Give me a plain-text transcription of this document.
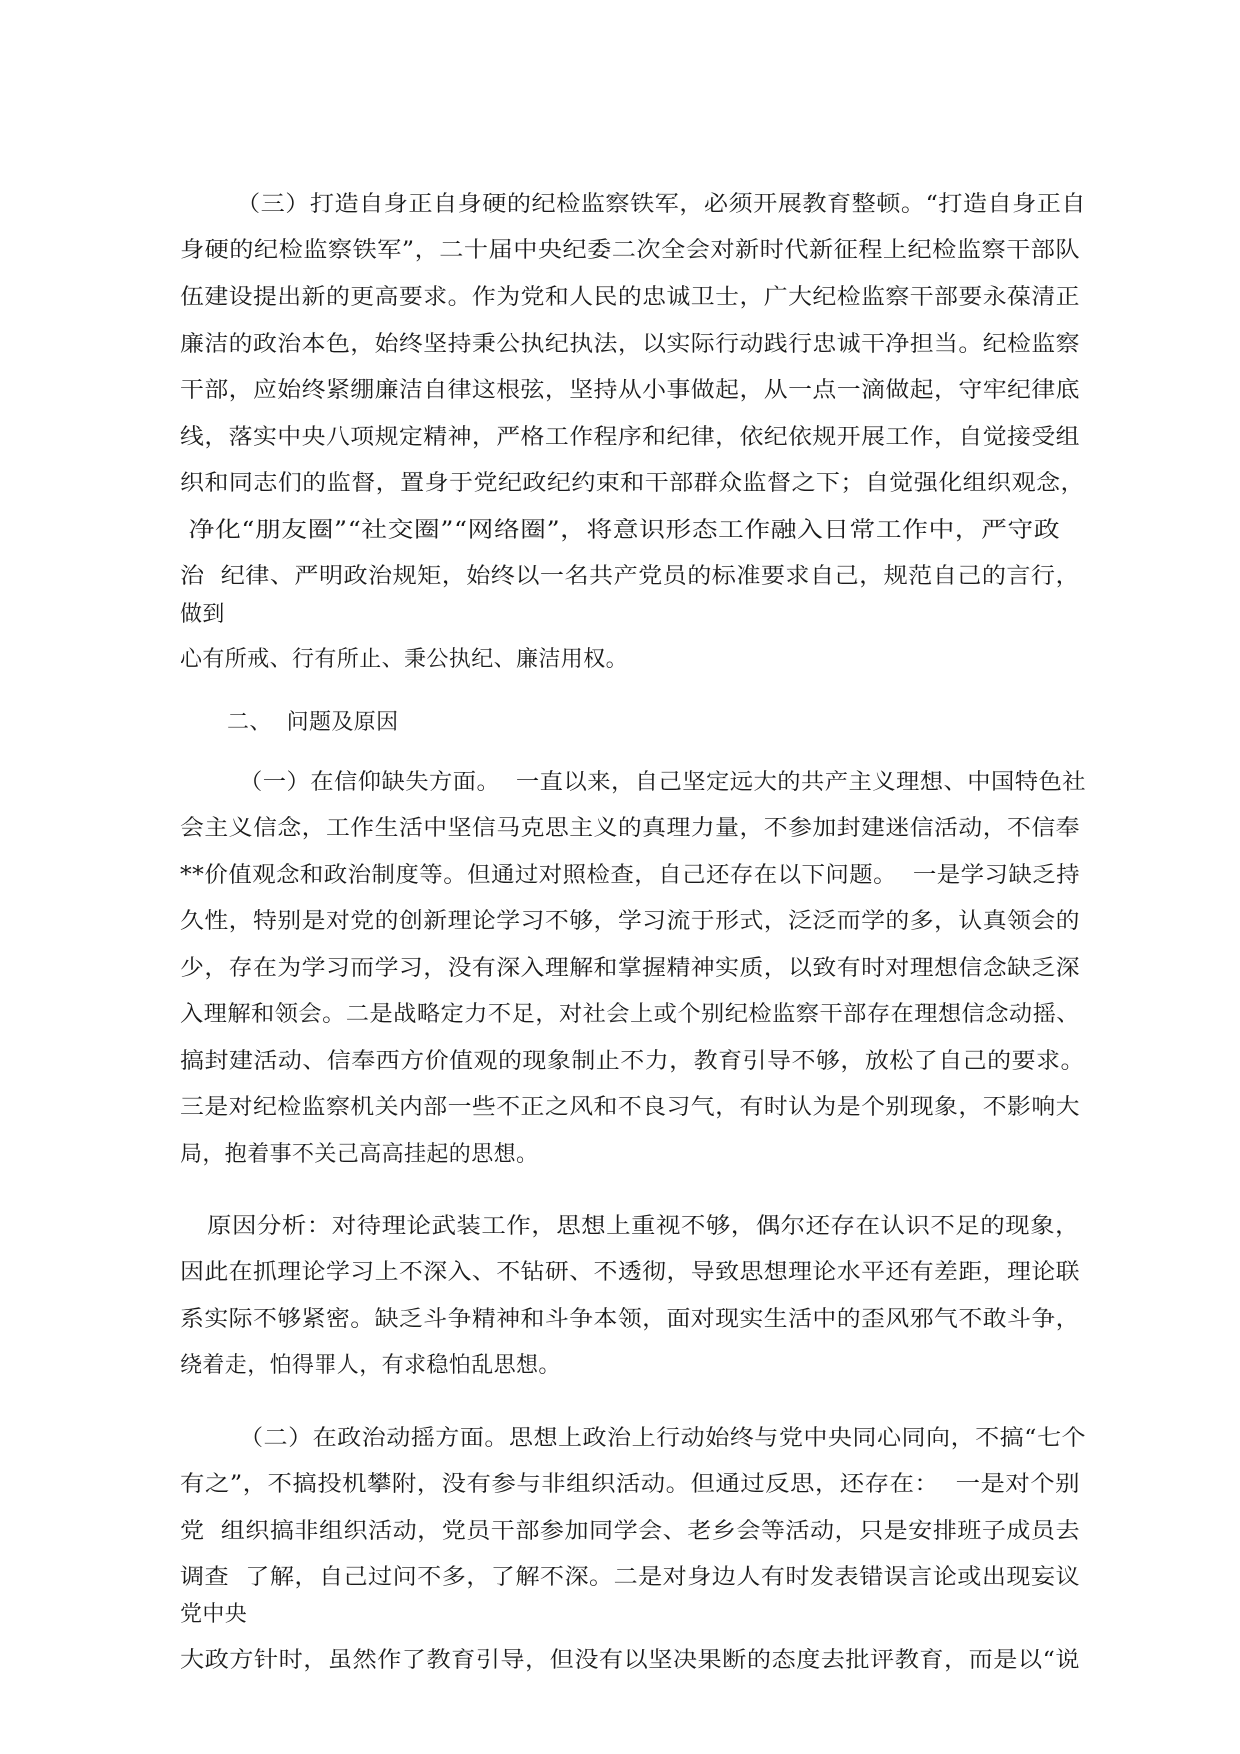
（三）打造自身正自身硬的纪检监察铁军，必须开展教育整顿。“打造自身正自
身硬的纪检监察铁军”，二十届中央纪委二次全会对新时代新征程上纪检监察干部队
伍建设提出新的更高要求。作为党和人民的忠诚卫士，广大纪检监察干部要永葆清正
廉洁的政治本色，始终坚持秉公执纪执法，以实际行动践行忠诚干净担当。纪检监察
干部，应始终紧绷廉洁自律这根弦，坚持从小事做起，从一点一滴做起，守牢纪律底
线，落实中央八项规定精神，严格工作程序和纪律，依纪依规开展工作，自觉接受组
织和同志们的监督，置身于党纪政纪约束和干部群众监督之下；自觉强化组织观念，
净化“朋友圈”“社交圈”“网络圈”，将意识形态工作融入日常工作中，严守政
治  纪律、严明政治规矩，始终以一名共产党员的标准要求自己，规范自己的言行，
做到
心有所戒、行有所止、秉公执纪、廉洁用权。
二、  问题及原因
（一）在信仰缺失方面。  一直以来，自己坚定远大的共产主义理想、中国特色社
会主义信念，工作生活中坚信马克思主义的真理力量，不参加封建迷信活动，不信奉
**价值观念和政治制度等。但通过对照检查，自己还存在以下问题。  一是学习缺乏持
久性，特别是对党的创新理论学习不够，学习流于形式，泛泛而学的多，认真领会的
少，存在为学习而学习，没有深入理解和掌握精神实质，以致有时对理想信念缺乏深
入理解和领会。二是战略定力不足，对社会上或个别纪检监察干部存在理想信念动摇、
搞封建活动、信奉西方价值观的现象制止不力，教育引导不够，放松了自己的要求。
三是对纪检监察机关内部一些不正之风和不良习气，有时认为是个别现象，不影响大
局，抱着事不关己高高挂起的思想。
原因分析：对待理论武装工作，思想上重视不够，偶尔还存在认识不足的现象，
因此在抓理论学习上不深入、不钻研、不透彻，导致思想理论水平还有差距，理论联
系实际不够紧密。缺乏斗争精神和斗争本领，面对现实生活中的歪风邪气不敢斗争，
绕着走，怕得罪人，有求稳怕乱思想。
（二）在政治动摇方面。思想上政治上行动始终与党中央同心同向，不搞“七个
有之”，不搞投机攀附，没有参与非组织活动。但通过反思，还存在：  一是对个别
党  组织搞非组织活动，党员干部参加同学会、老乡会等活动，只是安排班子成员去
调查  了解，自己过问不多，了解不深。二是对身边人有时发表错误言论或出现妄议
党中央
大政方针时，虽然作了教育引导，但没有以坚决果断的态度去批评教育，而是以“说
